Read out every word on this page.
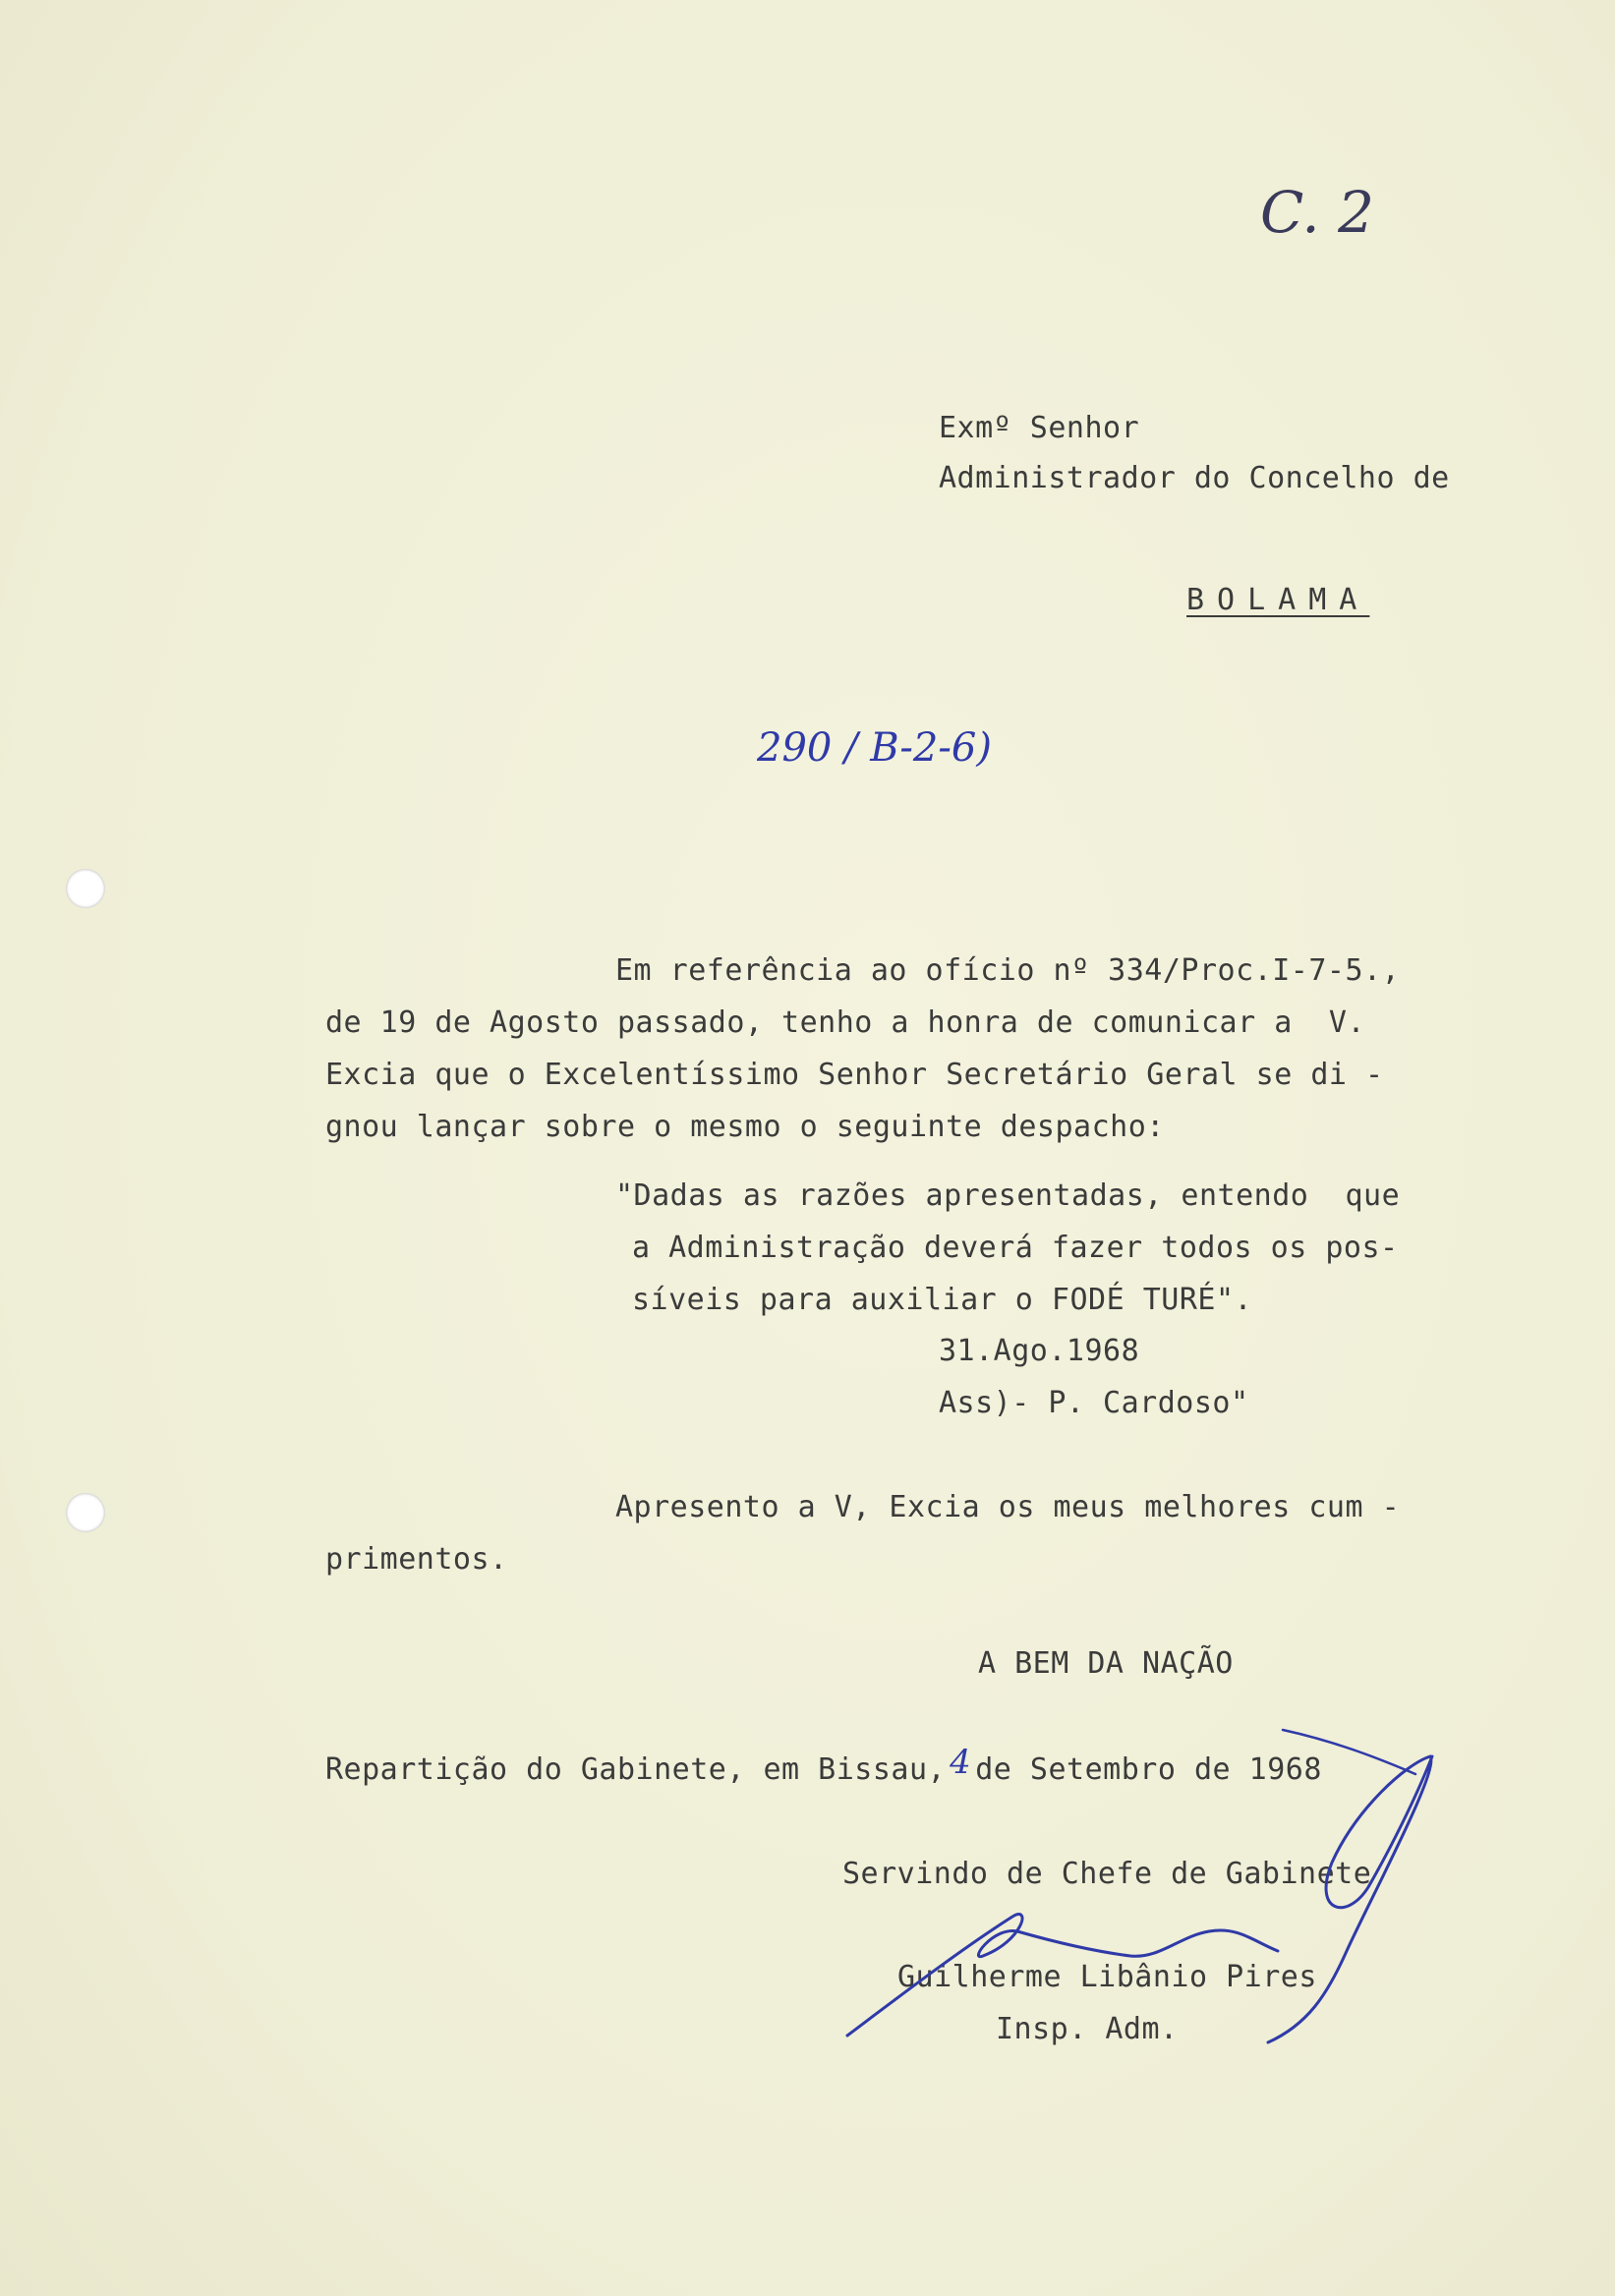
C. 2
Exmº Senhor
Administrador do Concelho de
BOLAMA
290 / B-2-6)
Em referência ao ofício nº 334/Proc.I-7-5.,
de 19 de Agosto passado, tenho a honra de comunicar a  V.
Excia que o Excelentíssimo Senhor Secretário Geral se di -
gnou lançar sobre o mesmo o seguinte despacho:
"Dadas as razões apresentadas, entendo  que
a Administração deverá fazer todos os pos-
síveis para auxiliar o FODÉ TURÉ".
31.Ago.1968
Ass)- P. Cardoso"
Apresento a V, Excia os meus melhores cum -
primentos.
A BEM DA NAÇÃO
Repartição do Gabinete, em Bissau, 4 de Setembro de 1968
Servindo de Chefe de Gabinete
Guilherme Libânio Pires
Insp. Adm.
